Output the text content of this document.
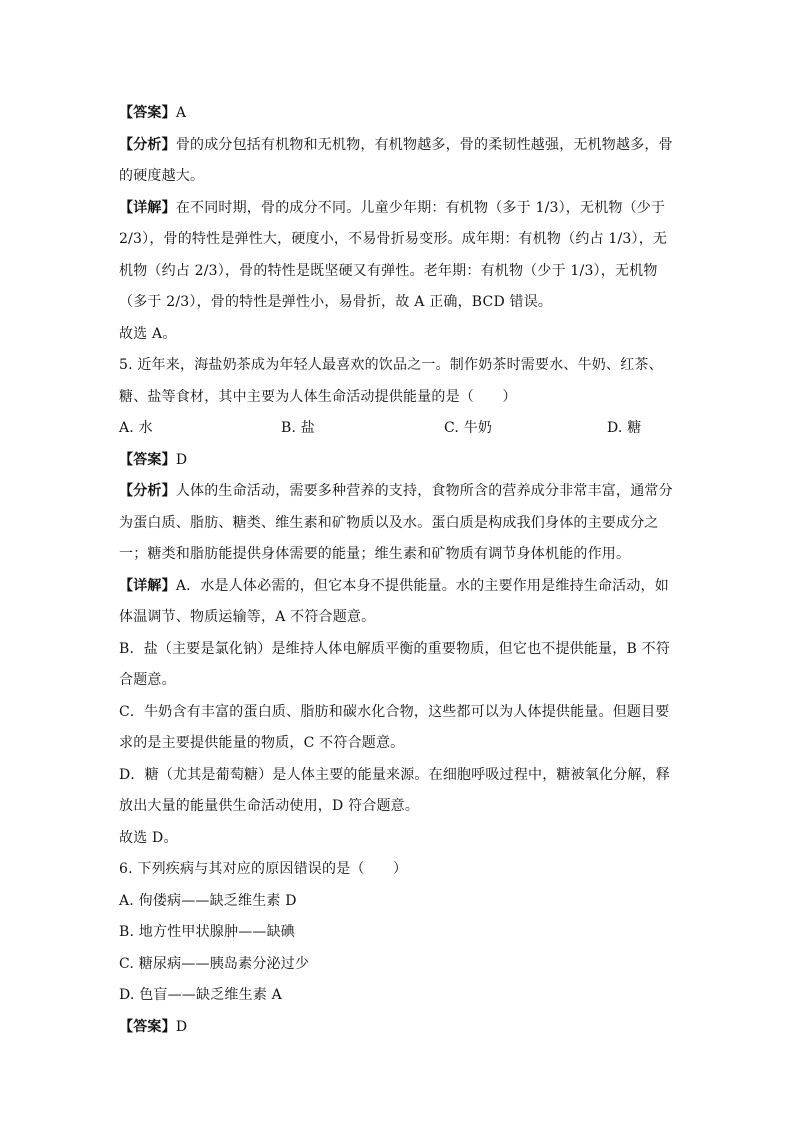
【答案】A

【分析】骨的成分包括有机物和无机物，有机物越多，骨的柔韧性越强，无机物越多，骨的硬度越大。

【详解】在不同时期，骨的成分不同。儿童少年期：有机物（多于 1/3），无机物（少于 2/3），骨的特性是弹性大，硬度小，不易骨折易变形。成年期：有机物（约占 1/3），无机物（约占 2/3），骨的特性是既坚硬又有弹性。老年期：有机物（少于 1/3），无机物（多于 2/3），骨的特性是弹性小，易骨折，故 A 正确，BCD 错误。

故选 A。

5. 近年来，海盐奶茶成为年轻人最喜欢的饮品之一。制作奶茶时需要水、牛奶、红茶、糖、盐等食材，其中主要为人体生命活动提供能量的是（　　）

A. 水	B. 盐	C. 牛奶	D. 糖

【答案】D

【分析】人体的生命活动，需要多种营养的支持，食物所含的营养成分非常丰富，通常分为蛋白质、脂肪、糖类、维生素和矿物质以及水。蛋白质是构成我们身体的主要成分之一；糖类和脂肪能提供身体需要的能量；维生素和矿物质有调节身体机能的作用。

【详解】A．水是人体必需的，但它本身不提供能量。水的主要作用是维持生命活动，如体温调节、物质运输等，A 不符合题意。

B．盐（主要是氯化钠）是维持人体电解质平衡的重要物质，但它也不提供能量，B 不符合题意。

C．牛奶含有丰富的蛋白质、脂肪和碳水化合物，这些都可以为人体提供能量。但题目要求的是主要提供能量的物质，C 不符合题意。

D．糖（尤其是葡萄糖）是人体主要的能量来源。在细胞呼吸过程中，糖被氧化分解，释放出大量的能量供生命活动使用，D 符合题意。

故选 D。

6. 下列疾病与其对应的原因错误的是（　　）

A. 佝偻病——缺乏维生素 D

B. 地方性甲状腺肿——缺碘

C. 糖尿病——胰岛素分泌过少

D. 色盲——缺乏维生素 A

【答案】D
